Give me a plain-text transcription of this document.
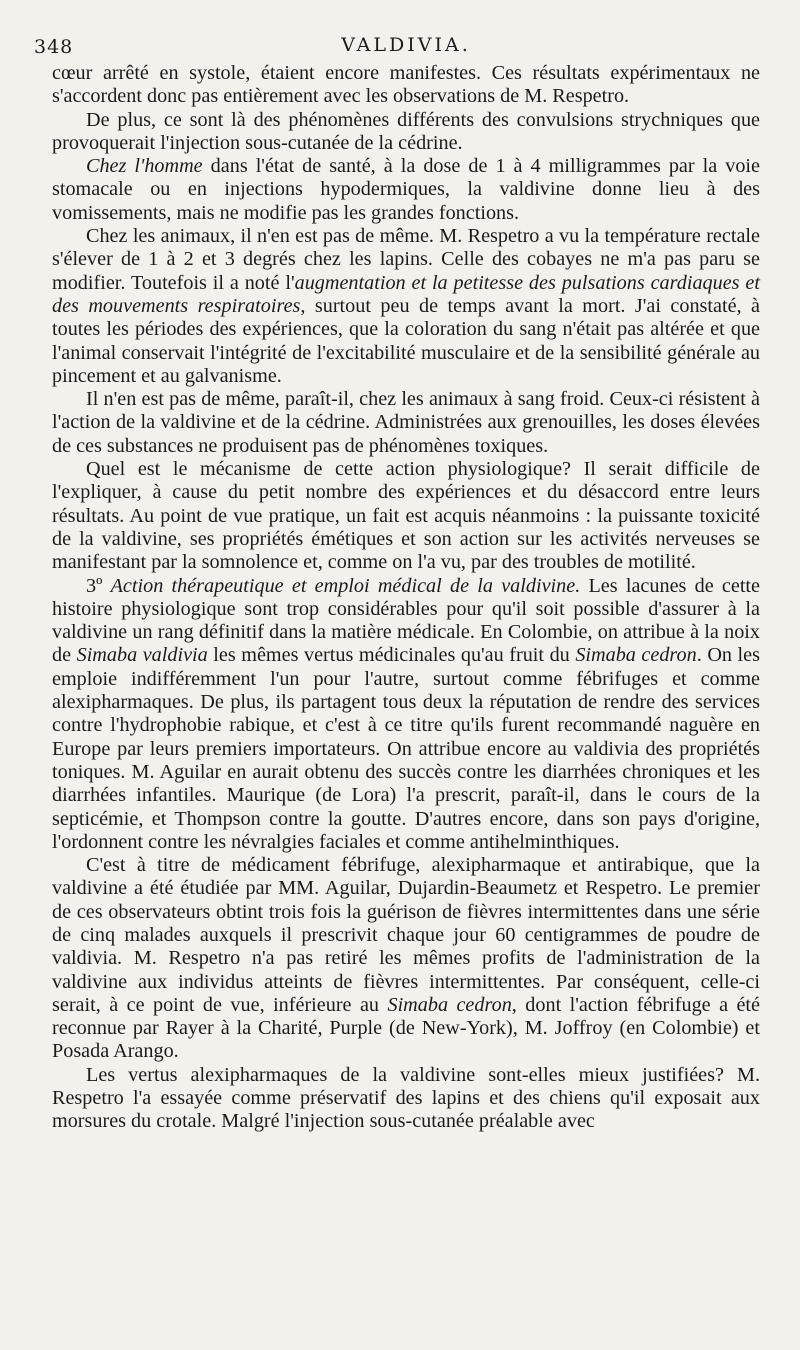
348	VALDIVIA.

cœur arrêté en systole, étaient encore manifestes. Ces résultats expérimentaux ne s'accordent donc pas entièrement avec les observations de M. Respetro.

De plus, ce sont là des phénomènes différents des convulsions strychniques que provoquerait l'injection sous-cutanée de la cédrine.

Chez l'homme dans l'état de santé, à la dose de 1 à 4 milligrammes par la voie stomacale ou en injections hypodermiques, la valdivine donne lieu à des vomissements, mais ne modifie pas les grandes fonctions.

Chez les animaux, il n'en est pas de même. M. Respetro a vu la température rectale s'élever de 1 à 2 et 3 degrés chez les lapins. Celle des cobayes ne m'a pas paru se modifier. Toutefois il a noté l'augmentation et la petitesse des pulsations cardiaques et des mouvements respiratoires, surtout peu de temps avant la mort. J'ai constaté, à toutes les périodes des expériences, que la coloration du sang n'était pas altérée et que l'animal conservait l'intégrité de l'excitabilité musculaire et de la sensibilité générale au pincement et au galvanisme.

Il n'en est pas de même, paraît-il, chez les animaux à sang froid. Ceux-ci résistent à l'action de la valdivine et de la cédrine. Administrées aux grenouilles, les doses élevées de ces substances ne produisent pas de phénomènes toxiques.

Quel est le mécanisme de cette action physiologique? Il serait difficile de l'expliquer, à cause du petit nombre des expériences et du désaccord entre leurs résultats. Au point de vue pratique, un fait est acquis néanmoins : la puissante toxicité de la valdivine, ses propriétés émétiques et son action sur les activités nerveuses se manifestant par la somnolence et, comme on l'a vu, par des troubles de motilité.

3º Action thérapeutique et emploi médical de la valdivine. Les lacunes de cette histoire physiologique sont trop considérables pour qu'il soit possible d'assurer à la valdivine un rang définitif dans la matière médicale. En Colombie, on attribue à la noix de Simaba valdivia les mêmes vertus médicinales qu'au fruit du Simaba cedron. On les emploie indifféremment l'un pour l'autre, surtout comme fébrifuges et comme alexipharmaques. De plus, ils partagent tous deux la réputation de rendre des services contre l'hydrophobie rabique, et c'est à ce titre qu'ils furent recommandé naguère en Europe par leurs premiers importateurs. On attribue encore au valdivia des propriétés toniques. M. Aguilar en aurait obtenu des succès contre les diarrhées chroniques et les diarrhées infantiles. Maurique (de Lora) l'a prescrit, paraît-il, dans le cours de la septicémie, et Thompson contre la goutte. D'autres encore, dans son pays d'origine, l'ordonnent contre les névralgies faciales et comme antihelminthiques.

C'est à titre de médicament fébrifuge, alexipharmaque et antirabique, que la valdivine a été étudiée par MM. Aguilar, Dujardin-Beaumetz et Respetro. Le premier de ces observateurs obtint trois fois la guérison de fièvres intermittentes dans une série de cinq malades auxquels il prescrivit chaque jour 60 centigrammes de poudre de valdivia. M. Respetro n'a pas retiré les mêmes profits de l'administration de la valdivine aux individus atteints de fièvres intermittentes. Par conséquent, celle-ci serait, à ce point de vue, inférieure au Simaba cedron, dont l'action fébrifuge a été reconnue par Rayer à la Charité, Purple (de New-York), M. Joffroy (en Colombie) et Posada Arango.

Les vertus alexipharmaques de la valdivine sont-elles mieux justifiées? M. Respetro l'a essayée comme préservatif des lapins et des chiens qu'il exposait aux morsures du crotale. Malgré l'injection sous-cutanée préalable avec
